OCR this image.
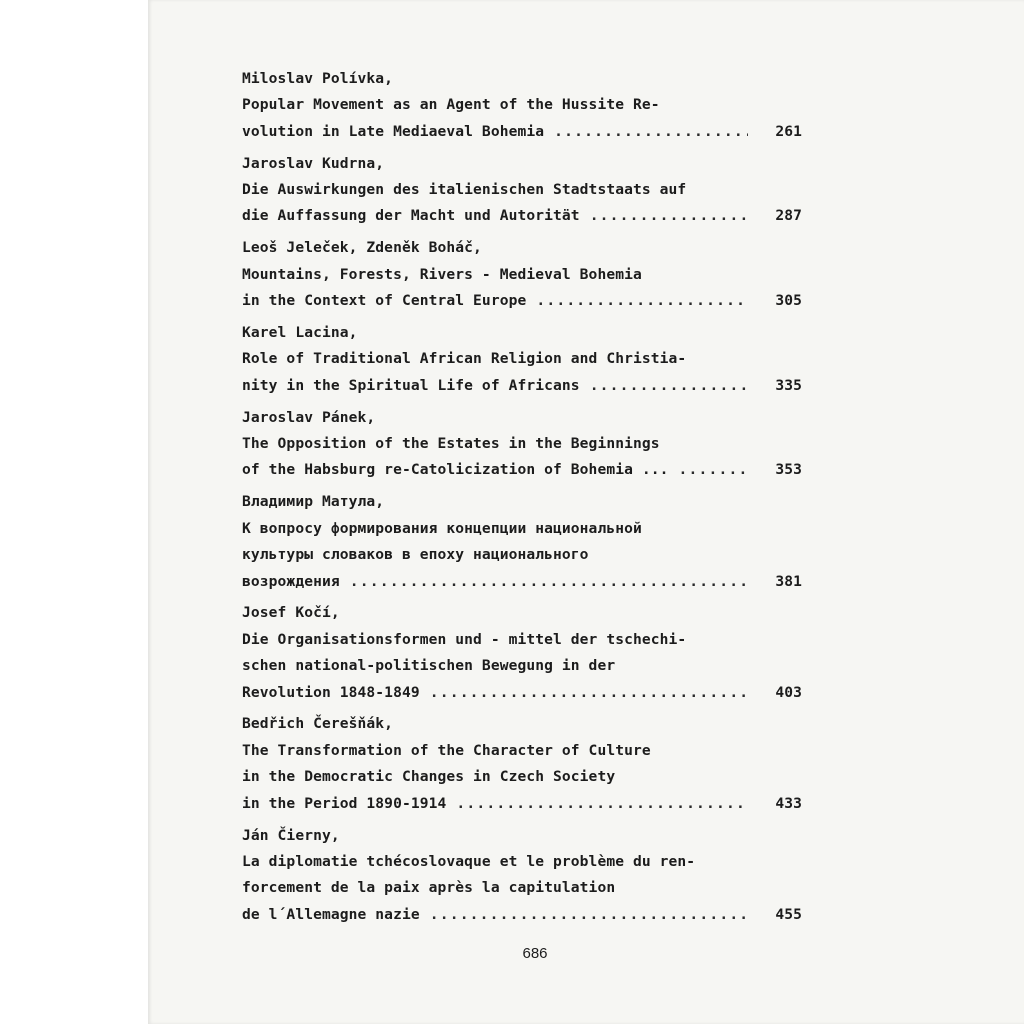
Miloslav Polívka,
Popular Movement as an Agent of the Hussite Re-
volution in Late Mediaeval Bohemia .....	261
Jaroslav Kudrna,
Die Auswirkungen des italienischen Stadtstaats auf
die Auffassung der Macht und Autorität .....	287
Leoš Jeleček, Zdeněk Boháč,
Mountains, Forests, Rivers - Medieval Bohemia
in the Context of Central Europe .....	305
Karel Lacina,
Role of Traditional African Religion and Christia-
nity in the Spiritual Life of Africans .....	335
Jaroslav Pánek,
The Opposition of the Estates in the Beginnings
of the Habsburg re-Catolicization of Bohemia ... .....	353
Владимир Матула,
К вопросу формирования концепции национальной
культуры словаков в епоху национального
возрождения .....	381
Josef Kočí,
Die Organisationsformen und - mittel der tschechi-
schen national-politischen Bewegung in der
Revolution 1848-1849 .....	403
Bedřich Čerešňák,
The Transformation of the Character of Culture
in the Democratic Changes in Czech Society
in the Period 1890-1914 .....	433
Ján Čierny,
La diplomatie tchécoslovaque et le problème du ren-
forcement de la paix après la capitulation
de l´Allemagne nazie .....	455
686
